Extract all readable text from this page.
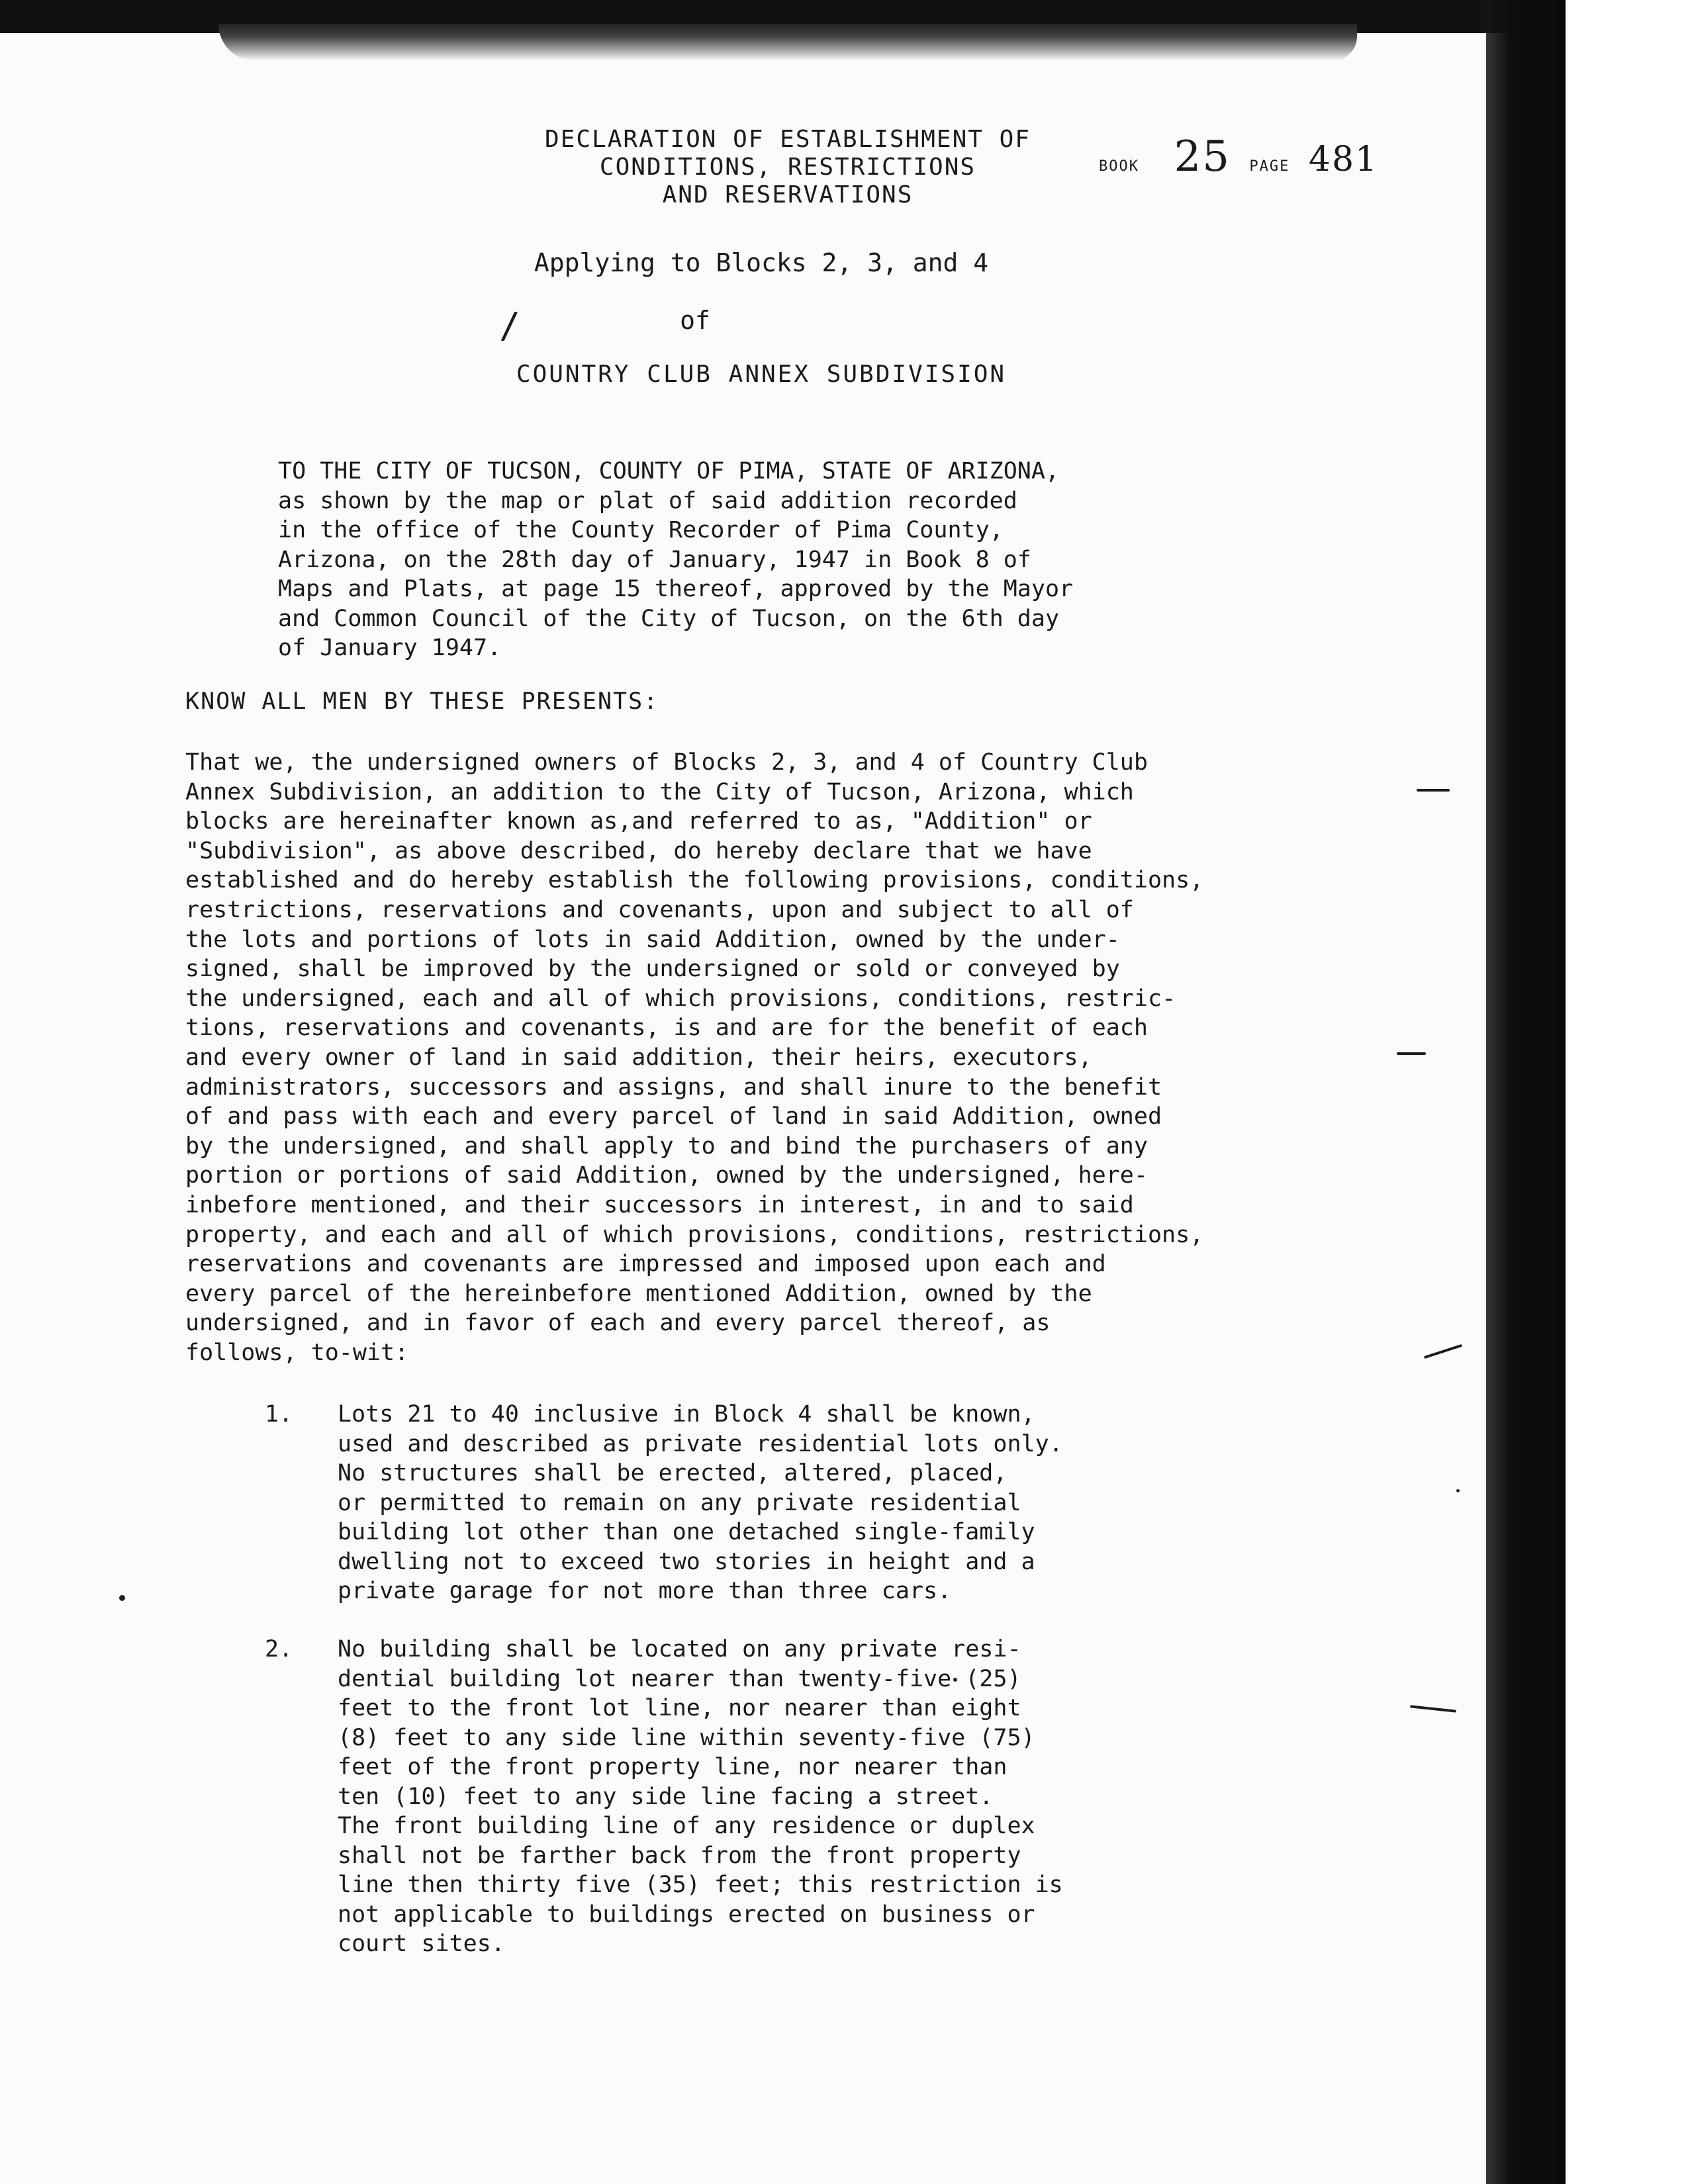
DECLARATION OF ESTABLISHMENT OF
CONDITIONS, RESTRICTIONS
AND RESERVATIONS
BOOK 25 PAGE 481
Applying to Blocks 2, 3, and 4
/	of
COUNTRY CLUB ANNEX SUBDIVISION
TO THE CITY OF TUCSON, COUNTY OF PIMA, STATE OF ARIZONA,
as shown by the map or plat of said addition recorded
in the office of the County Recorder of Pima County,
Arizona, on the 28th day of January, 1947 in Book 8 of
Maps and Plats, at page 15 thereof, approved by the Mayor
and Common Council of the City of Tucson, on the 6th day
of January 1947.
KNOW ALL MEN BY THESE PRESENTS:
That we, the undersigned owners of Blocks 2, 3, and 4 of Country Club
Annex Subdivision, an addition to the City of Tucson, Arizona, which
blocks are hereinafter known as,and referred to as, "Addition" or
"Subdivision", as above described, do hereby declare that we have
established and do hereby establish the following provisions, conditions,
restrictions, reservations and covenants, upon and subject to all of
the lots and portions of lots in said Addition, owned by the under-
signed, shall be improved by the undersigned or sold or conveyed by
the undersigned, each and all of which provisions, conditions, restric-
tions, reservations and covenants, is and are for the benefit of each
and every owner of land in said addition, their heirs, executors,
administrators, successors and assigns, and shall inure to the benefit
of and pass with each and every parcel of land in said Addition, owned
by the undersigned, and shall apply to and bind the purchasers of any
portion or portions of said Addition, owned by the undersigned, here-
inbefore mentioned, and their successors in interest, in and to said
property, and each and all of which provisions, conditions, restrictions,
reservations and covenants are impressed and imposed upon each and
every parcel of the hereinbefore mentioned Addition, owned by the
undersigned, and in favor of each and every parcel thereof, as
follows, to-wit:
1. Lots 21 to 40 inclusive in Block 4 shall be known,
used and described as private residential lots only.
No structures shall be erected, altered, placed,
or permitted to remain on any private residential
building lot other than one detached single-family
dwelling not to exceed two stories in height and a
private garage for not more than three cars.
2. No building shall be located on any private resi-
dential building lot nearer than twenty-five (25)
feet to the front lot line, nor nearer than eight
(8) feet to any side line within seventy-five (75)
feet of the front property line, nor nearer than
ten (10) feet to any side line facing a street.
The front building line of any residence or duplex
shall not be farther back from the front property
line then thirty five (35) feet; this restriction is
not applicable to buildings erected on business or
court sites.
